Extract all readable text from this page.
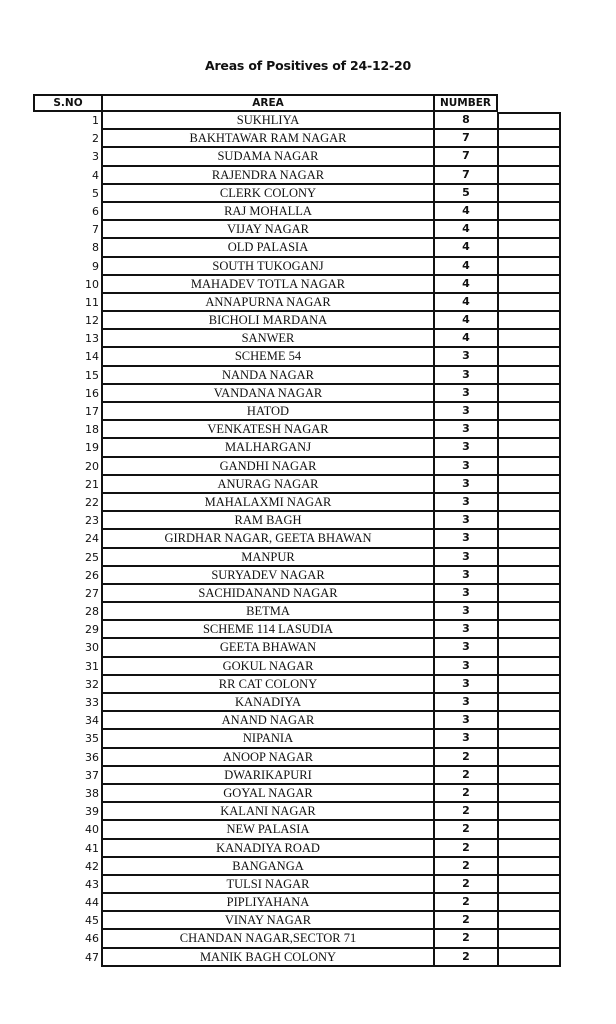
Areas of Positives of 24-12-20
S.NO	AREA	NUMBER
1	SUKHLIYA	8
2	BAKHTAWAR RAM NAGAR	7
3	SUDAMA NAGAR	7
4	RAJENDRA NAGAR	7
5	CLERK COLONY	5
6	RAJ MOHALLA	4
7	VIJAY NAGAR	4
8	OLD PALASIA	4
9	SOUTH TUKOGANJ	4
10	MAHADEV TOTLA NAGAR	4
11	ANNAPURNA NAGAR	4
12	BICHOLI MARDANA	4
13	SANWER	4
14	SCHEME 54	3
15	NANDA NAGAR	3
16	VANDANA NAGAR	3
17	HATOD	3
18	VENKATESH NAGAR	3
19	MALHARGANJ	3
20	GANDHI NAGAR	3
21	ANURAG NAGAR	3
22	MAHALAXMI NAGAR	3
23	RAM BAGH	3
24	GIRDHAR NAGAR, GEETA BHAWAN	3
25	MANPUR	3
26	SURYADEV NAGAR	3
27	SACHIDANAND NAGAR	3
28	BETMA	3
29	SCHEME 114 LASUDIA	3
30	GEETA BHAWAN	3
31	GOKUL NAGAR	3
32	RR CAT COLONY	3
33	KANADIYA	3
34	ANAND NAGAR	3
35	NIPANIA	3
36	ANOOP NAGAR	2
37	DWARIKAPURI	2
38	GOYAL NAGAR	2
39	KALANI NAGAR	2
40	NEW PALASIA	2
41	KANADIYA ROAD	2
42	BANGANGA	2
43	TULSI NAGAR	2
44	PIPLIYAHANA	2
45	VINAY NAGAR	2
46	CHANDAN NAGAR,SECTOR 71	2
47	MANIK BAGH COLONY	2
